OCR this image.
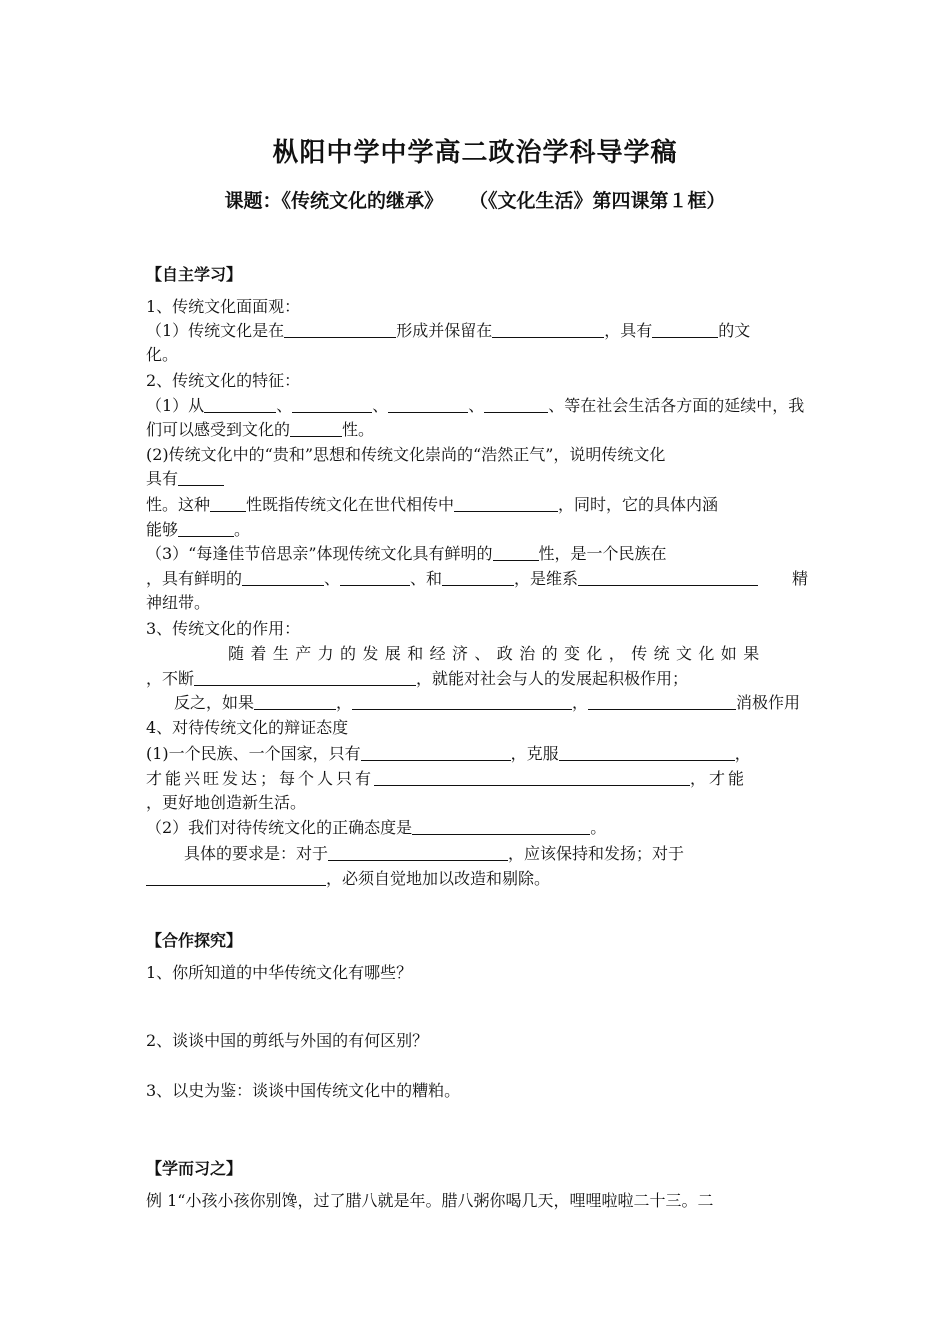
枞阳中学中学高二政治学科导学稿
课题：《传统文化的继承》 （《文化生活》第四课第１框）
【自主学习】
1、传统文化面面观：
（1）传统文化是在	形成并保留在	，具有	的文
化。
2、传统文化的特征：
（1）从	、	、	、	、等在社会生活各方面的延续中，我
们可以感受到文化的	性。
(2)传统文化中的“贵和”思想和传统文化崇尚的“浩然正气”，说明传统文化
具有
性。这种 性既指传统文化在世代相传中	，同时，它的具体内涵
能够	。
（3）“每逢佳节倍思亲”体现传统文化具有鲜明的	性，是一个民族在
，具有鲜明的	、	、和	，是维系	精
神纽带。
3、传统文化的作用：
随着生产力的发展和经济、政治的变化，传统文化如果
，不断	，就能对社会与人的发展起积极作用；
反之，如果	，	，	消极作用
4、对待传统文化的辩证态度
(1)一个民族、一个国家，只有	，克服	，
才能兴旺发达；每个人只有	，才能
，更好地创造新生活。
（2）我们对待传统文化的正确态度是	。
具体的要求是：对于	，应该保持和发扬；对于
，必须自觉地加以改造和剔除。
【合作探究】
1、你所知道的中华传统文化有哪些？
2、谈谈中国的剪纸与外国的有何区别？
3、以史为鉴：谈谈中国传统文化中的糟粕。
【学而习之】
例 1“小孩小孩你别馋，过了腊八就是年。腊八粥你喝几天，哩哩啦啦二十三。二
